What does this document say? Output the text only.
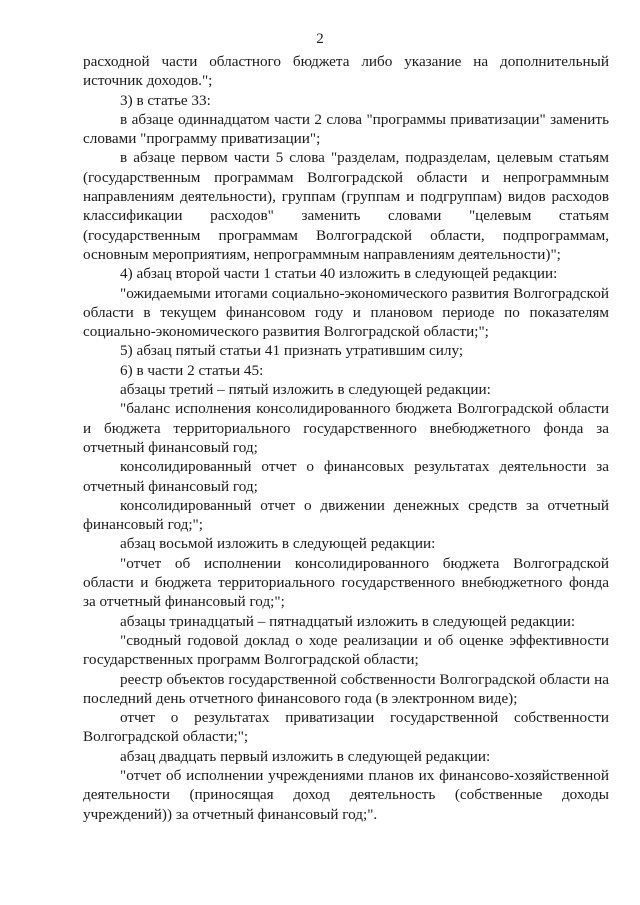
2

расходной части областного бюджета либо указание на дополнительный источник доходов.";

3) в статье 33:

в абзаце одиннадцатом части 2 слова "программы приватизации" заменить словами "программу приватизации";

в абзаце первом части 5 слова "разделам, подразделам, целевым статьям (государственным программам Волгоградской области и непрограммным направлениям деятельности), группам (группам и подгруппам) видов расходов классификации расходов" заменить словами "целевым статьям (государственным программам Волгоградской области, подпрограммам, основным мероприятиям, непрограммным направлениям деятельности)";

4) абзац второй части 1 статьи 40 изложить в следующей редакции:

"ожидаемыми итогами социально-экономического развития Волгоградской области в текущем финансовом году и плановом периоде по показателям социально-экономического развития Волгоградской области;";

5) абзац пятый статьи 41 признать утратившим силу;

6) в части 2 статьи 45:

абзацы третий – пятый изложить в следующей редакции:

"баланс исполнения консолидированного бюджета Волгоградской области и бюджета территориального государственного внебюджетного фонда за отчетный финансовый год;

консолидированный отчет о финансовых результатах деятельности за отчетный финансовый год;

консолидированный отчет о движении денежных средств за отчетный финансовый год;";

абзац восьмой изложить в следующей редакции:

"отчет об исполнении консолидированного бюджета Волгоградской области и бюджета территориального государственного внебюджетного фонда за отчетный финансовый год;";

абзацы тринадцатый – пятнадцатый изложить в следующей редакции:

"сводный годовой доклад о ходе реализации и об оценке эффективности государственных программ Волгоградской области;

реестр объектов государственной собственности Волгоградской области на последний день отчетного финансового года (в электронном виде);

отчет о результатах приватизации государственной собственности Волгоградской области;";

абзац двадцать первый изложить в следующей редакции:

"отчет об исполнении учреждениями планов их финансово-хозяйственной деятельности (приносящая доход деятельность (собственные доходы учреждений)) за отчетный финансовый год;".
